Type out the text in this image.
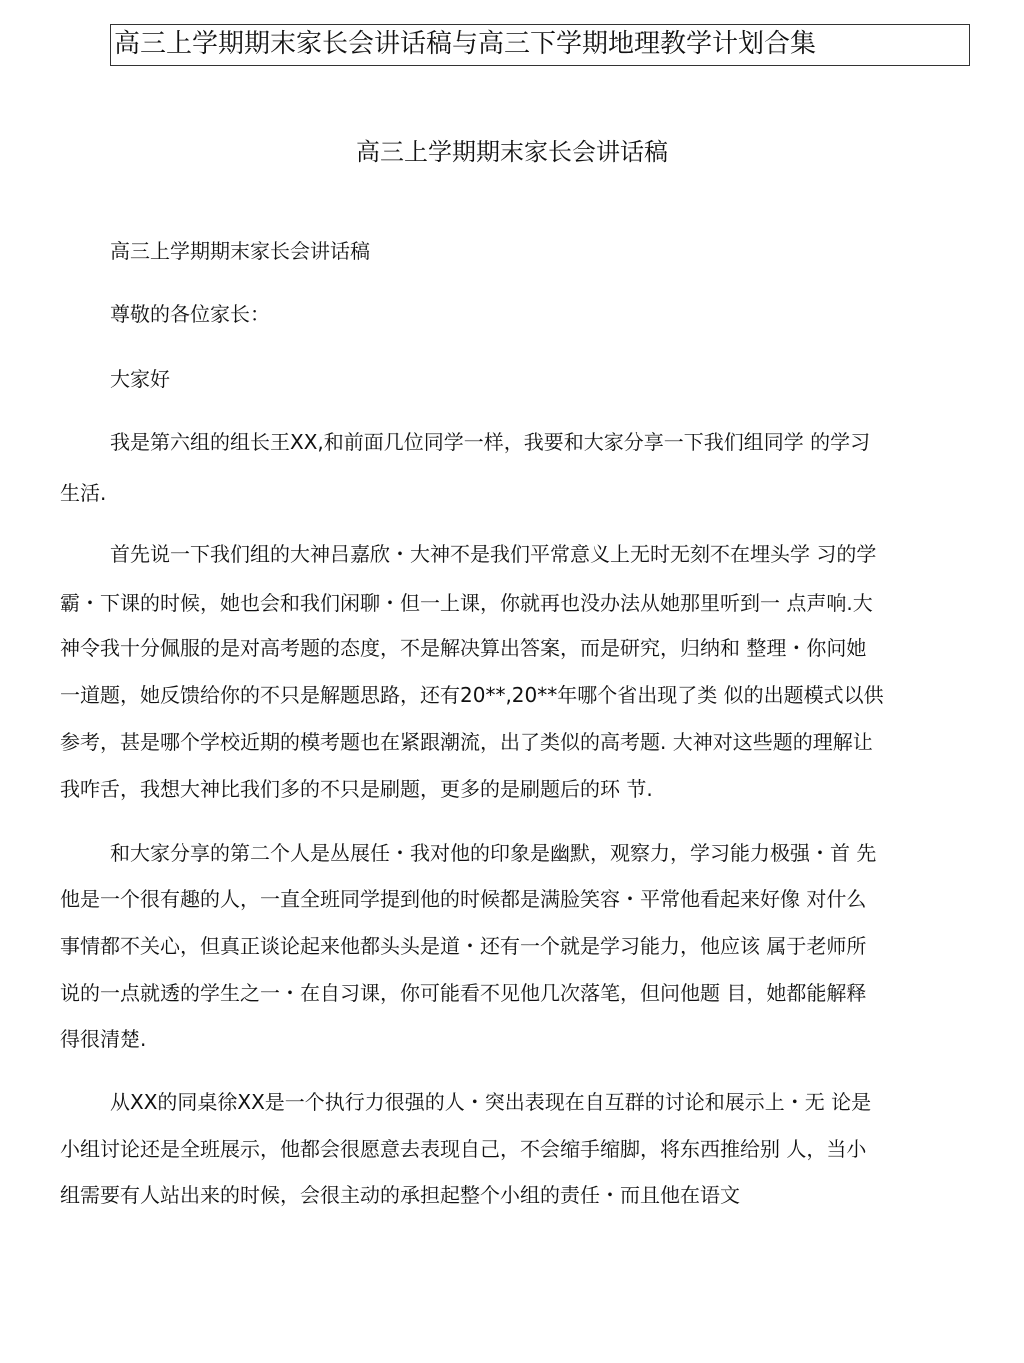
高三上学期期末家长会讲话稿与高三下学期地理教学计划合集
高三上学期期末家长会讲话稿
高三上学期期末家长会讲话稿
尊敬的各位家长：
大家好
我是第六组的组长王XX,和前面几位同学一样，我要和大家分享一下我们组同学 的学习
生活.
首先说一下我们组的大神吕嘉欣・大神不是我们平常意义上无时无刻不在埋头学 习的学
霸・下课的时候，她也会和我们闲聊・但一上课，你就再也没办法从她那里听到一 点声响.大
神令我十分佩服的是对高考题的态度，不是解决算出答案，而是研究，归纳和 整理・你问她
一道题，她反馈给你的不只是解题思路，还有20**,20**年哪个省出现了类 似的出题模式以供
参考，甚是哪个学校近期的模考题也在紧跟潮流，出了类似的高考题. 大神对这些题的理解让
我咋舌，我想大神比我们多的不只是刷题，更多的是刷题后的环 节.
和大家分享的第二个人是丛展任・我对他的印象是幽默，观察力，学习能力极强・首 先
他是一个很有趣的人，一直全班同学提到他的时候都是满脸笑容・平常他看起来好像 对什么
事情都不关心，但真正谈论起来他都头头是道・还有一个就是学习能力，他应该 属于老师所
说的一点就透的学生之一・在自习课，你可能看不见他几次落笔，但问他题 目，她都能解释
得很清楚.
从XX的同桌徐XX是一个执行力很强的人・突出表现在自互群的讨论和展示上・无 论是
小组讨论还是全班展示，他都会很愿意去表现自己，不会缩手缩脚，将东西推给别 人，当小
组需要有人站出来的时候，会很主动的承担起整个小组的责任・而且他在语文
